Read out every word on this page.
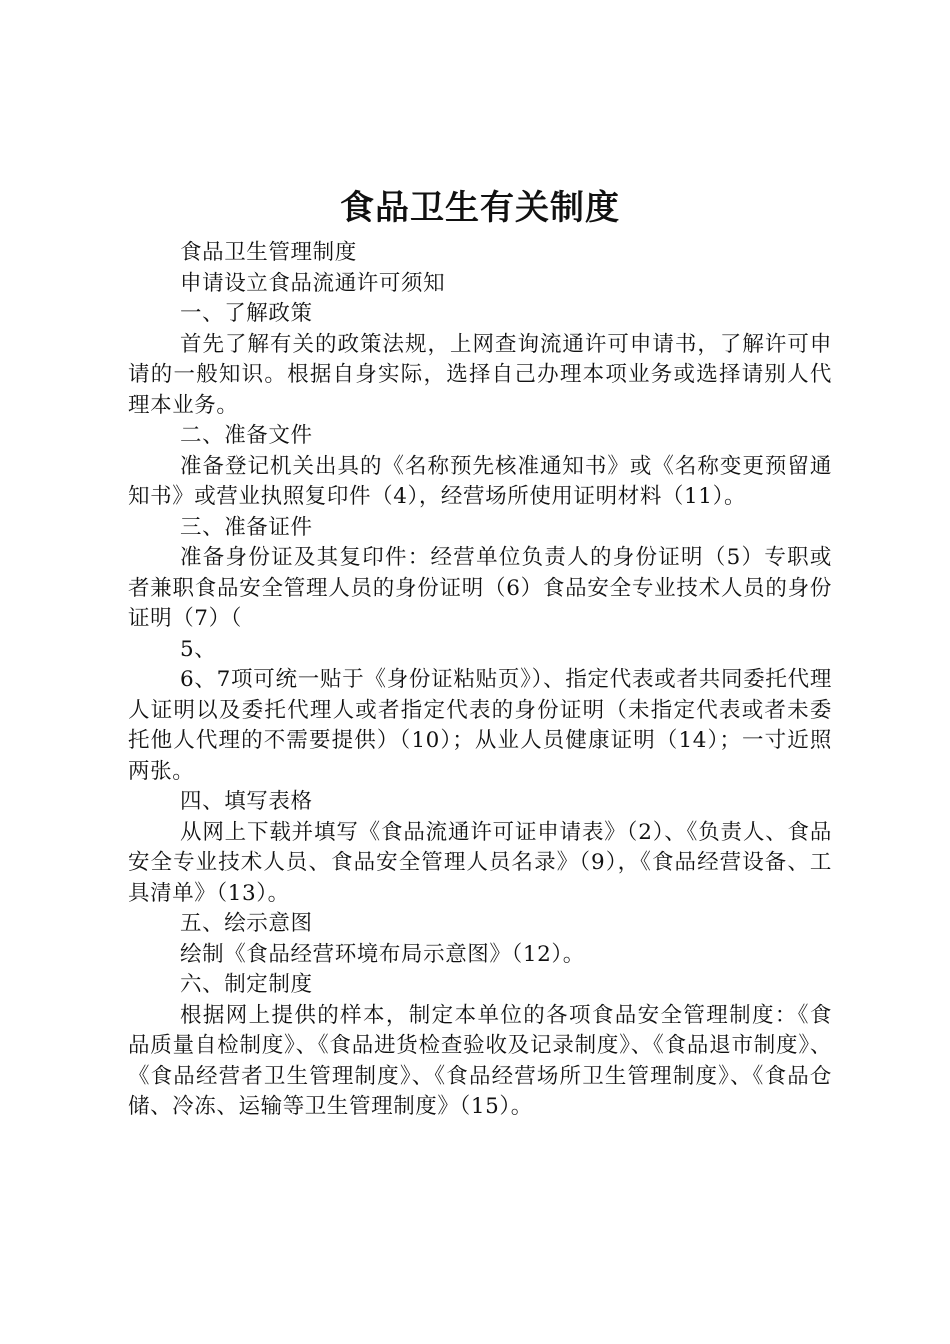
食品卫生有关制度

食品卫生管理制度

申请设立食品流通许可须知

一、了解政策

首先了解有关的政策法规，上网查询流通许可申请书，了解许可申请的一般知识。根据自身实际，选择自己办理本项业务或选择请别人代理本业务。

二、准备文件

准备登记机关出具的《名称预先核准通知书》或《名称变更预留通知书》或营业执照复印件（4），经营场所使用证明材料（11）。

三、准备证件

准备身份证及其复印件：经营单位负责人的身份证明（5）专职或者兼职食品安全管理人员的身份证明（6）食品安全专业技术人员的身份证明（7）（

5、

6、7项可统一贴于《身份证粘贴页》）、指定代表或者共同委托代理人证明以及委托代理人或者指定代表的身份证明（未指定代表或者未委托他人代理的不需要提供）（10）；从业人员健康证明（14）；一寸近照两张。

四、填写表格

从网上下载并填写《食品流通许可证申请表》（2）、《负责人、食品安全专业技术人员、食品安全管理人员名录》（9），《食品经营设备、工具清单》（13）。

五、绘示意图

绘制《食品经营环境布局示意图》（12）。

六、制定制度

根据网上提供的样本，制定本单位的各项食品安全管理制度：《食品质量自检制度》、《食品进货检查验收及记录制度》、《食品退市制度》、《食品经营者卫生管理制度》、《食品经营场所卫生管理制度》、《食品仓储、冷冻、运输等卫生管理制度》（15）。
